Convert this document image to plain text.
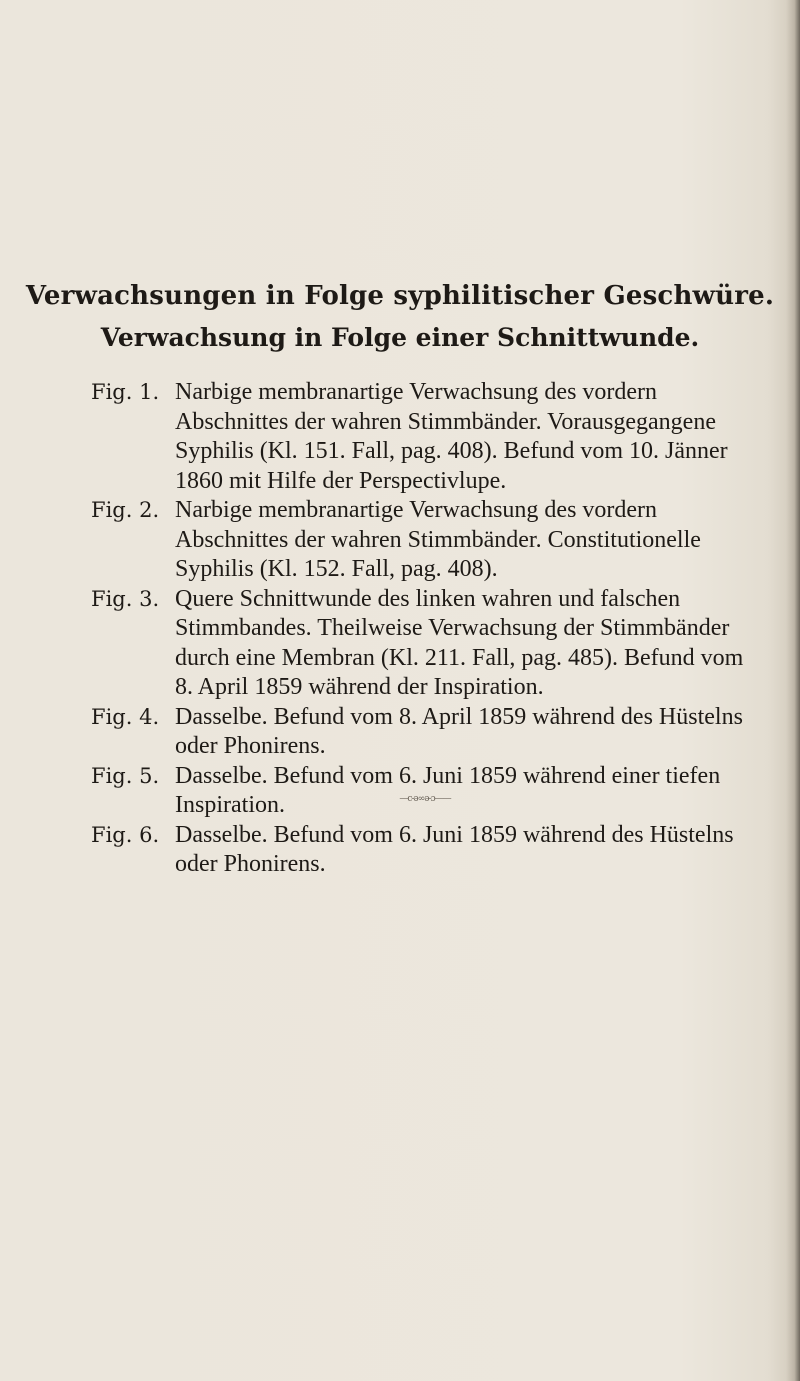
Verwachsungen in Folge syphilitischer Geschwüre.
Verwachsung in Folge einer Schnittwunde.
Fig. 1. Narbige membranartige Verwachsung des vordern Abschnittes der wahren Stimmbänder. Vorausgegangene Syphilis (Kl. 151. Fall, pag. 408). Befund vom 10. Jänner 1860 mit Hilfe der Perspectivlupe.
Fig. 2. Narbige membranartige Verwachsung des vordern Abschnittes der wahren Stimmbänder. Constitutionelle Syphilis (Kl. 152. Fall, pag. 408).
Fig. 3. Quere Schnittwunde des linken wahren und falschen Stimmbandes. Theilweise Verwachsung der Stimmbänder durch eine Membran (Kl. 211. Fall, pag. 485). Befund vom 8. April 1859 während der Inspiration.
Fig. 4. Dasselbe. Befund vom 8. April 1859 während des Hüstelns oder Phonirens.
Fig. 5. Dasselbe. Befund vom 6. Juni 1859 während einer tiefen Inspiration.
Fig. 6. Dasselbe. Befund vom 6. Juni 1859 während des Hüstelns oder Phonirens.
—c-ə∞ə-ɔ——
